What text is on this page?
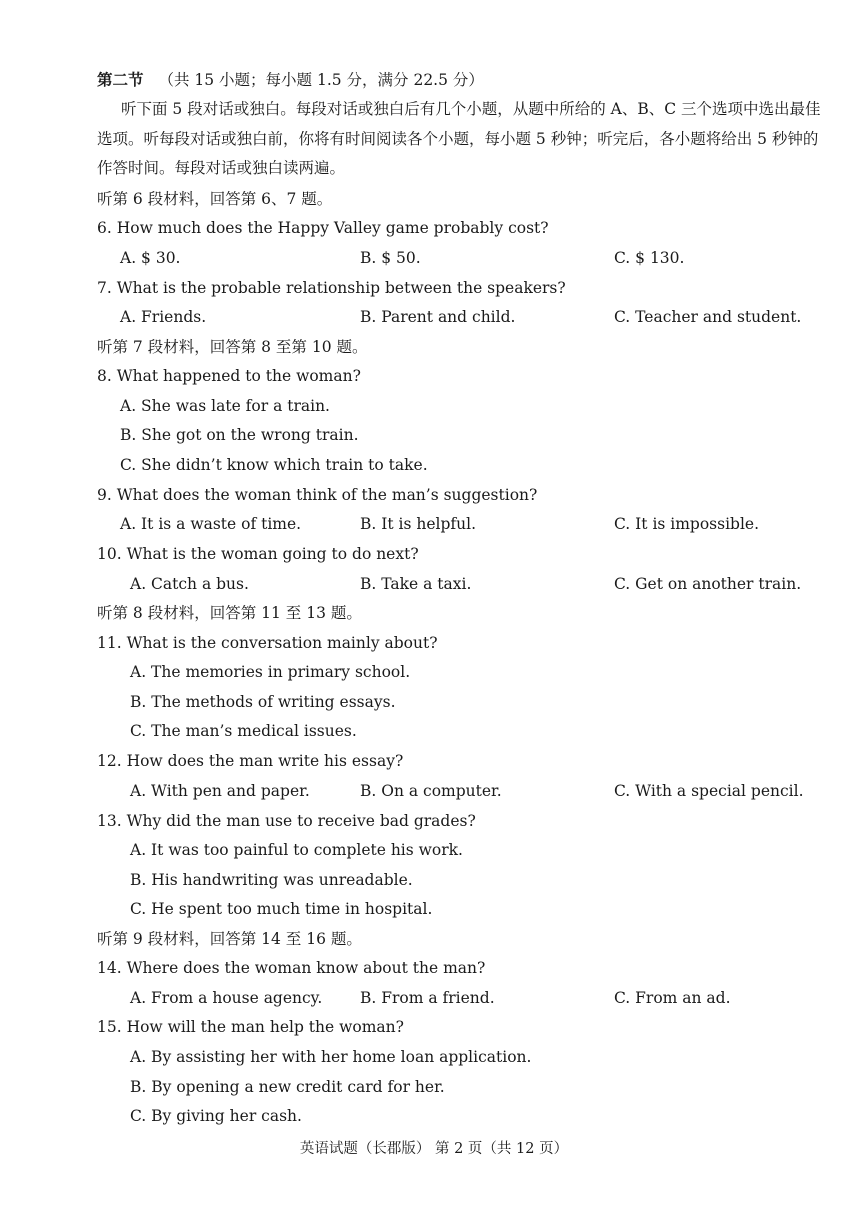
第二节 （共 15 小题；每小题 1.5 分，满分 22.5 分）
听下面 5 段对话或独白。每段对话或独白后有几个小题，从题中所给的 A、B、C 三个选项中选出最佳选项。听每段对话或独白前，你将有时间阅读各个小题，每小题 5 秒钟；听完后，各小题将给出 5 秒钟的作答时间。每段对话或独白读两遍。
听第 6 段材料，回答第 6、7 题。
6. How much does the Happy Valley game probably cost?
A. $ 30.	B. $ 50.	C. $ 130.
7. What is the probable relationship between the speakers?
A. Friends.	B. Parent and child.	C. Teacher and student.
听第 7 段材料，回答第 8 至第 10 题。
8. What happened to the woman?
A. She was late for a train.
B. She got on the wrong train.
C. She didn’t know which train to take.
9. What does the woman think of the man’s suggestion?
A. It is a waste of time.	B. It is helpful.	C. It is impossible.
10. What is the woman going to do next?
A. Catch a bus.	B. Take a taxi.	C. Get on another train.
听第 8 段材料，回答第 11 至 13 题。
11. What is the conversation mainly about?
A. The memories in primary school.
B. The methods of writing essays.
C. The man’s medical issues.
12. How does the man write his essay?
A. With pen and paper.	B. On a computer.	C. With a special pencil.
13. Why did the man use to receive bad grades?
A. It was too painful to complete his work.
B. His handwriting was unreadable.
C. He spent too much time in hospital.
听第 9 段材料，回答第 14 至 16 题。
14. Where does the woman know about the man?
A. From a house agency. B. From a friend.	C. From an ad.
15. How will the man help the woman?
A. By assisting her with her home loan application.
B. By opening a new credit card for her.
C. By giving her cash.
英语试题（长郡版） 第 2 页（共 12 页）
